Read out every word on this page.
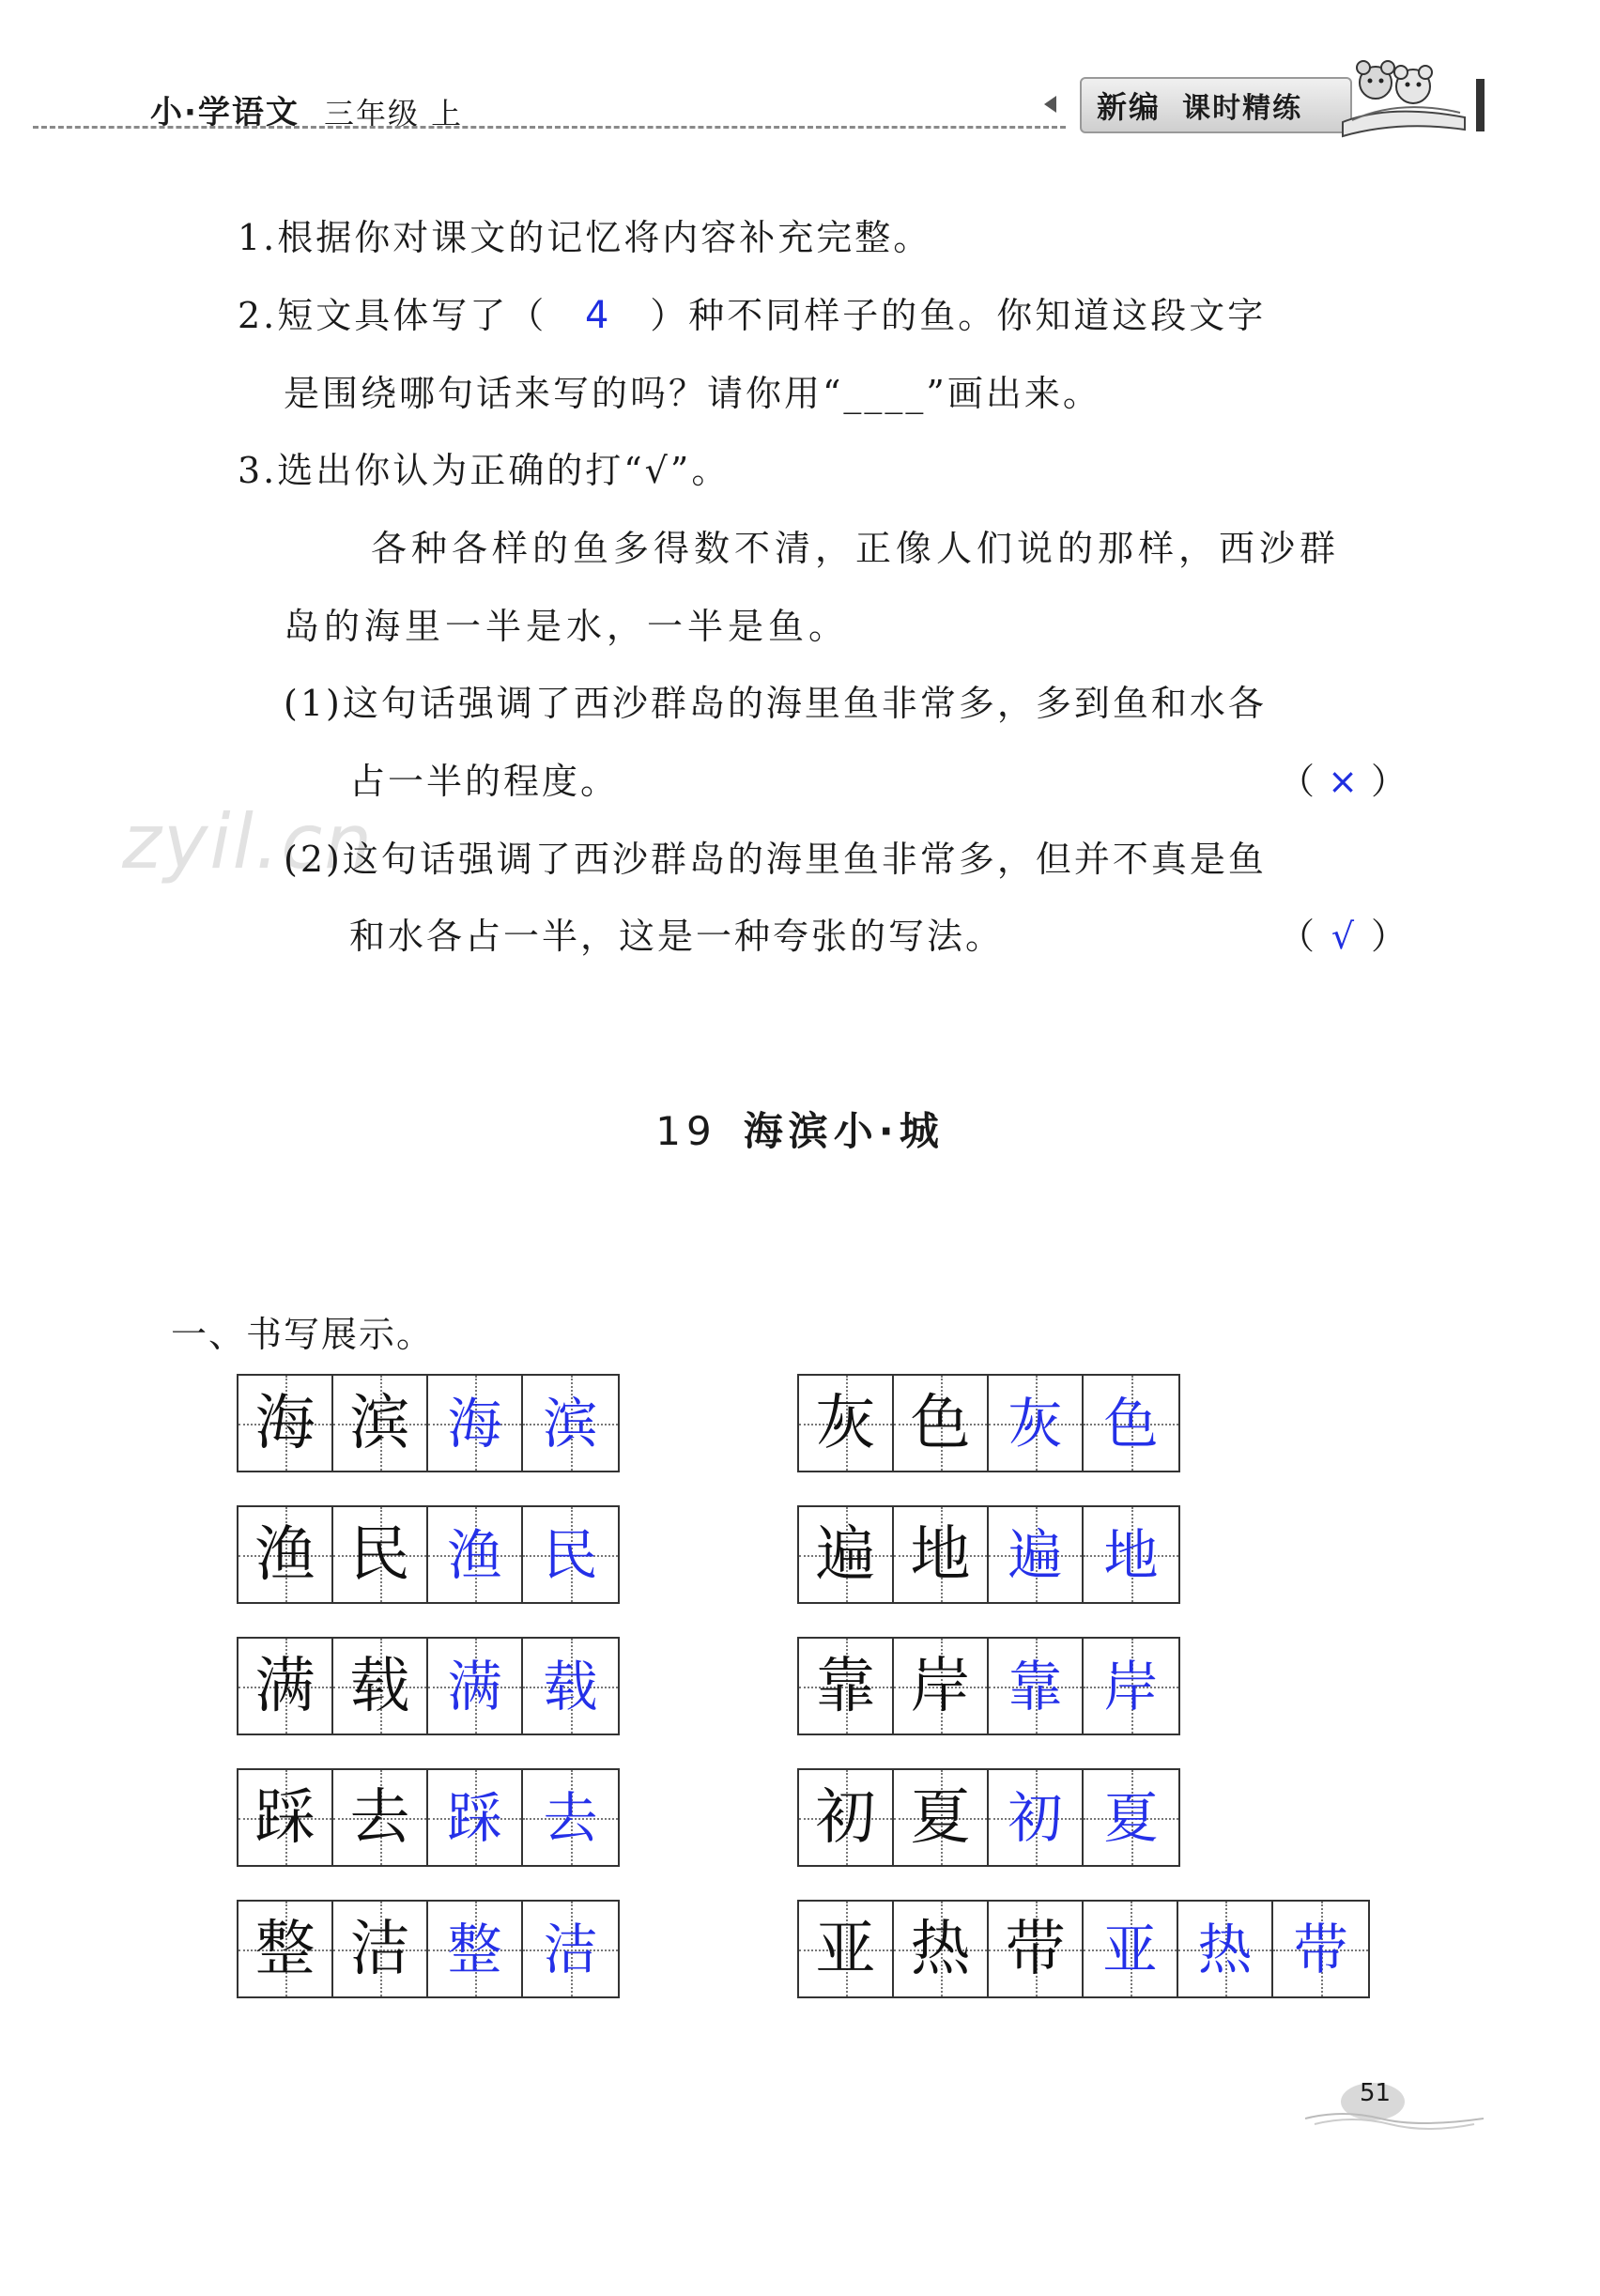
小·学语文 三年级 上	新编 课时精练
1.根据你对课文的记忆将内容补充完整。
2.短文具体写了（ 4 ）种不同样子的鱼。你知道这段文字
是围绕哪句话来写的吗？请你用“____”画出来。
3.选出你认为正确的打“√”。
各种各样的鱼多得数不清，正像人们说的那样，西沙群
岛的海里一半是水，一半是鱼。
(1)这句话强调了西沙群岛的海里鱼非常多，多到鱼和水各
占一半的程度。	（ × ）
zyil.cn
(2)这句话强调了西沙群岛的海里鱼非常多，但并不真是鱼
和水各占一半，这是一种夸张的写法。	（ √ ）
19 海滨小·城
一、书写展示。
海 滨 海 滨
渔 民 渔 民
满 载 满 载
踩 去 踩 去
整 洁 整 洁
灰 色 灰 色
遍 地 遍 地
靠 岸 靠 岸
初 夏 初 夏
亚 热 带 亚 热 带
51
